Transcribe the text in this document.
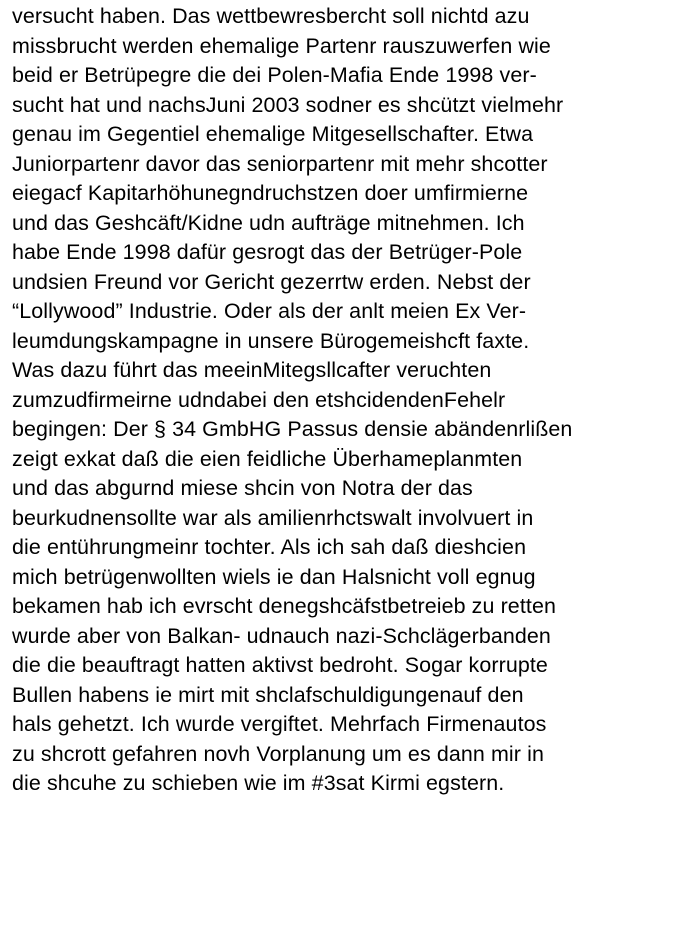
versucht haben. Das wettbewresbercht soll nichtd azu
missbrucht werden ehemalige Partenr rauszuwerfen wie
beid er Betrüpegre die dei Polen-Mafia Ende 1998 ver-
sucht hat und nachsJuni 2003 sodner es shcützt vielmehr
genau im Gegentiel ehemalige Mitgesellschafter. Etwa
Juniorpartenr davor das seniorpartenr mit mehr shcotter
eiegacf Kapitarhöhunegndruchstzen doer umfirmierne
und das Geshcäft/Kidne udn aufträge mitnehmen. Ich
habe Ende 1998 dafür gesrogt das der Betrüger-Pole
undsien Freund vor Gericht gezerrtw erden. Nebst der
“Lollywood” Industrie. Oder als der anlt meien Ex Ver-
leumdungskampagne in unsere Bürogemeishcft faxte.
Was dazu führt das meeinMitegsllcafter veruchten
zumzudfirmeirne udndabei den etshcidendenFehelr
begingen: Der § 34 GmbHG Passus densie abändenrlißen
zeigt exkat daß die eien feidliche Überhameplanmten
und das abgurnd miese shcin von Notra der das
beurkudnensollte war als amilienrhctswalt involvuert in
die entührungmeinr tochter. Als ich sah daß dieshcien
mich betrügenwollten wiels ie dan Halsnicht voll egnug
bekamen hab ich evrscht denegshcäfstbetreieb zu retten
wurde aber von Balkan- udnauch nazi-Schclägerbanden
die die beauftragt hatten aktivst bedroht. Sogar korrupte
Bullen habens ie mirt mit shclafschuldigungenauf den
hals gehetzt. Ich wurde vergiftet. Mehrfach Firmenautos
zu shcrott gefahren novh Vorplanung um es dann mir in
die shcuhe zu schieben wie im #3sat Kirmi egstern.
